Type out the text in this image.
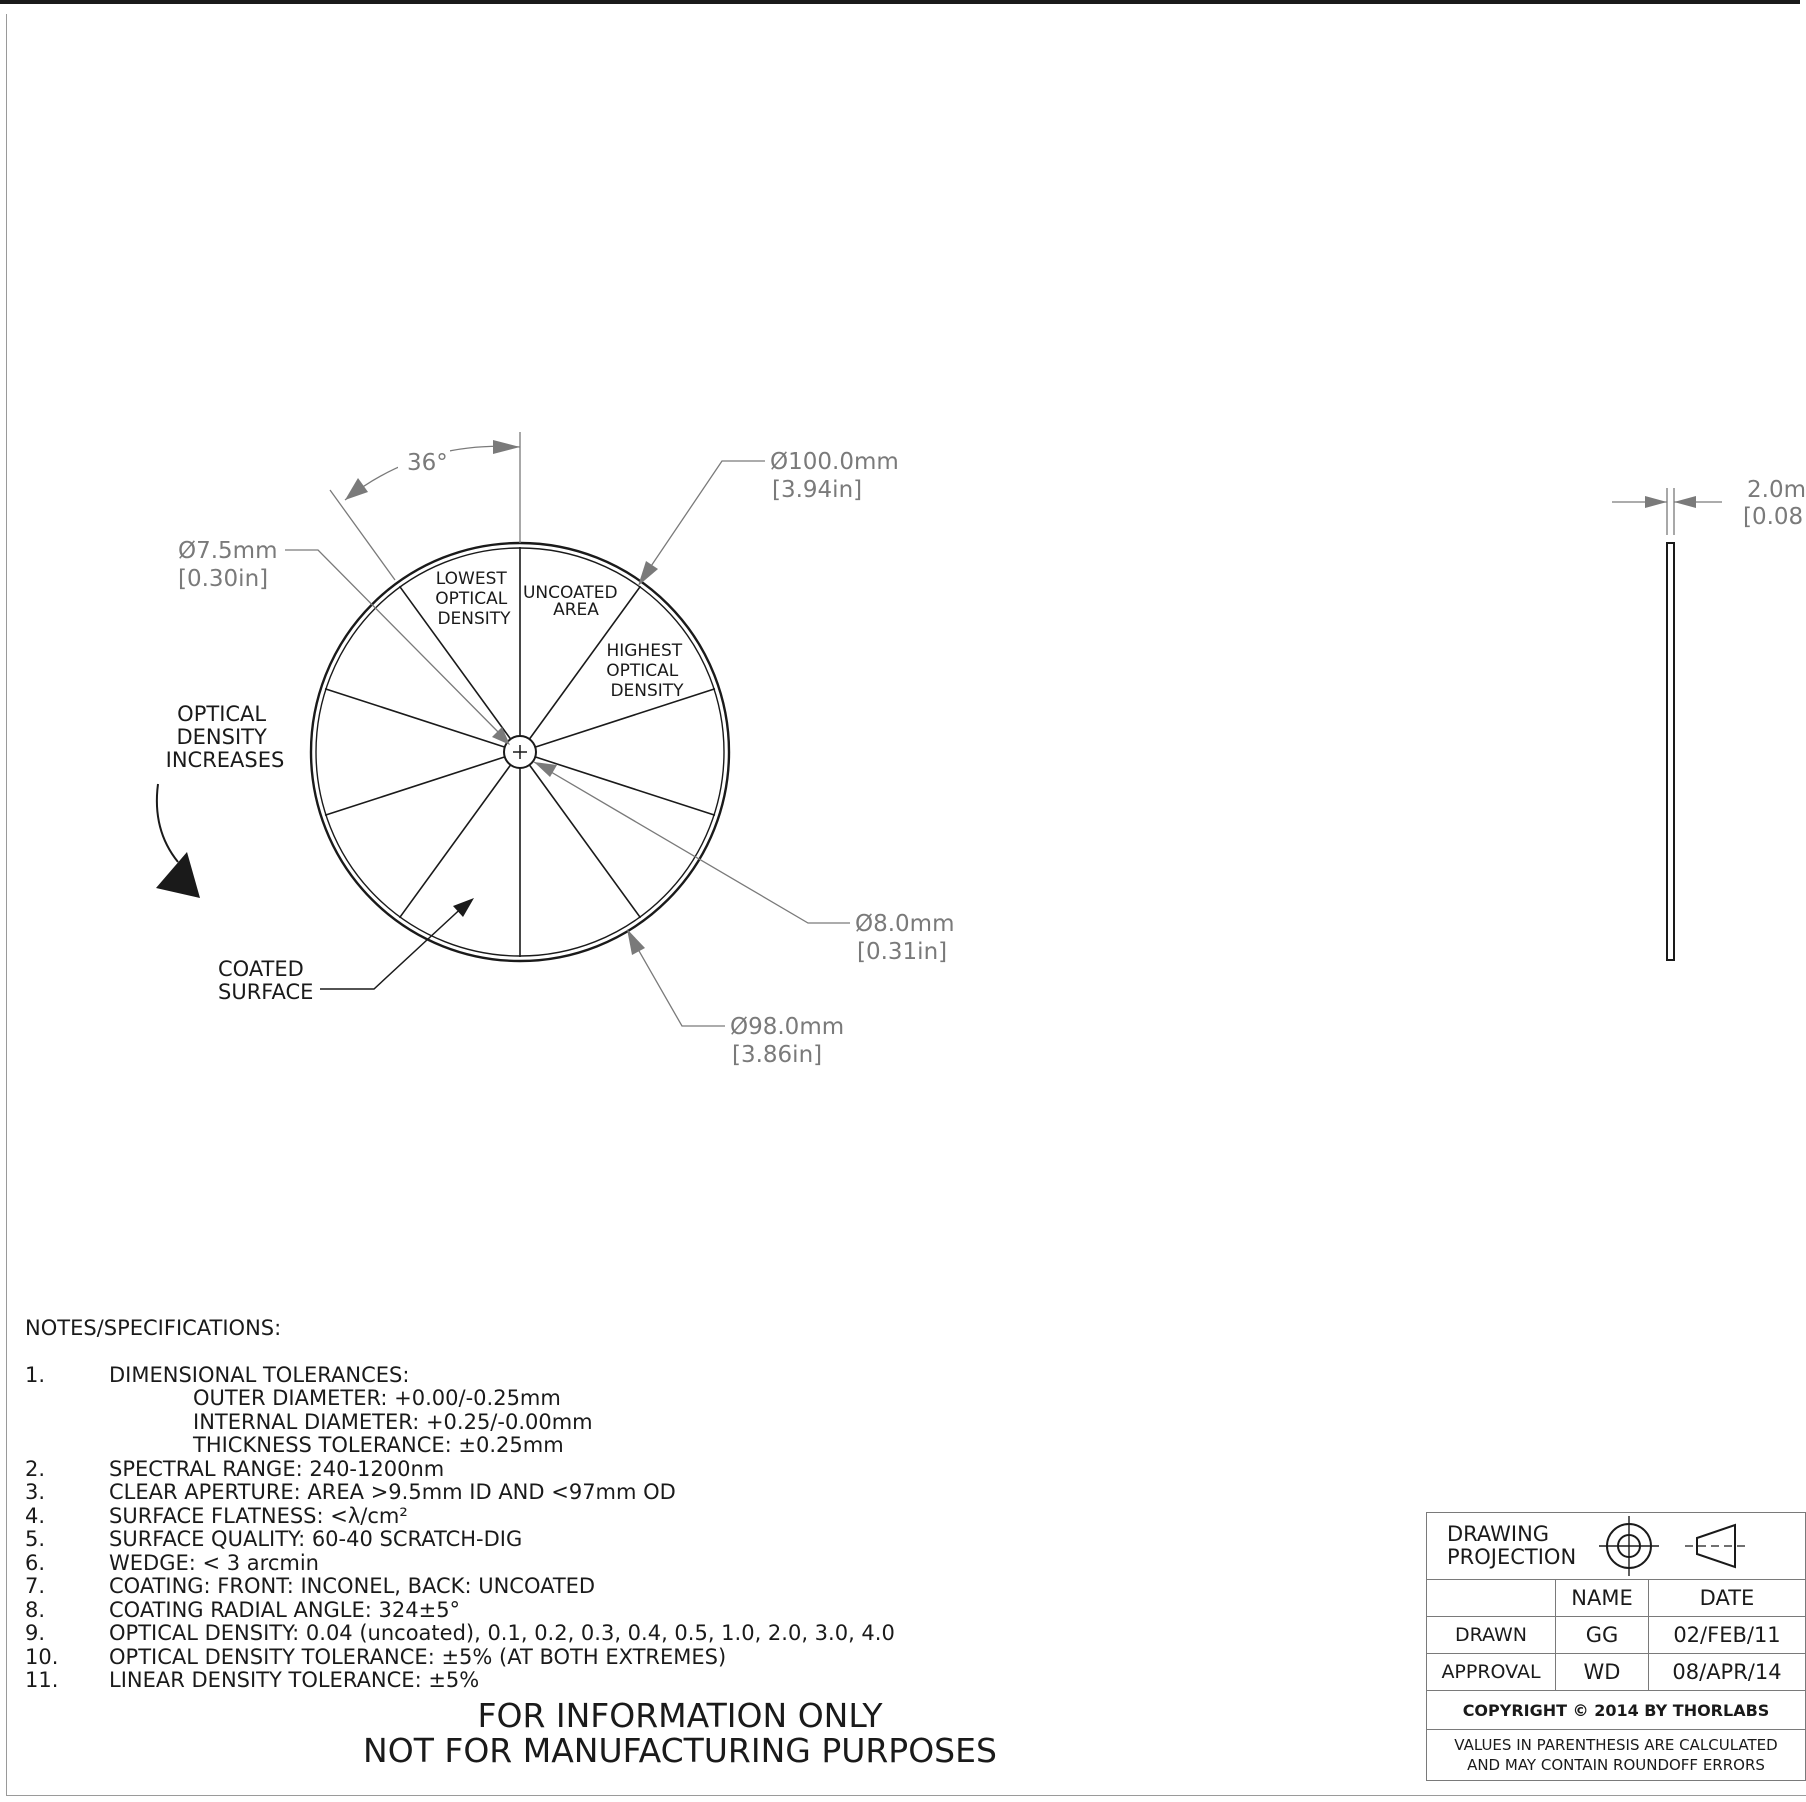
LOWEST OPTICAL DENSITY
UNCOATED AREA
HIGHEST OPTICAL DENSITY
OPTICAL DENSITY INCREASES
COATED SURFACE
36°	Ø100.0mm
[3.94in]
Ø7.5mm
[0.30in]
Ø8.0mm
[0.31in]
Ø98.0mm
[3.86in]
2.0m
[0.08
NOTES/SPECIFICATIONS:
1.	DIMENSIONAL TOLERANCES:
OUTER DIAMETER: +0.00/-0.25mm
INTERNAL DIAMETER: +0.25/-0.00mm
THICKNESS TOLERANCE: ±0.25mm
2.	SPECTRAL RANGE: 240-1200nm
3.	CLEAR APERTURE: AREA >9.5mm ID AND <97mm OD
4.	SURFACE FLATNESS: <λ/cm²
5.	SURFACE QUALITY: 60-40 SCRATCH-DIG
6.	WEDGE: < 3 arcmin
7.	COATING: FRONT: INCONEL, BACK: UNCOATED
8.	COATING RADIAL ANGLE: 324±5°
9.	OPTICAL DENSITY: 0.04 (uncoated), 0.1, 0.2, 0.3, 0.4, 0.5, 1.0, 2.0, 3.0, 4.0
10.	OPTICAL DENSITY TOLERANCE: ±5% (AT BOTH EXTREMES)
11.	LINEAR DENSITY TOLERANCE: ±5%
FOR INFORMATION ONLY
NOT FOR MANUFACTURING PURPOSES
DRAWING
PROJECTION		

	NAME	DATE
DRAWN	GG	02/FEB/11
APPROVAL	WD	08/APR/14
COPYRIGHT © 2014 BY THORLABS		

VALUES IN PARENTHESIS ARE CALCULATED
AND MAY CONTAIN ROUNDOFF ERRORS		
